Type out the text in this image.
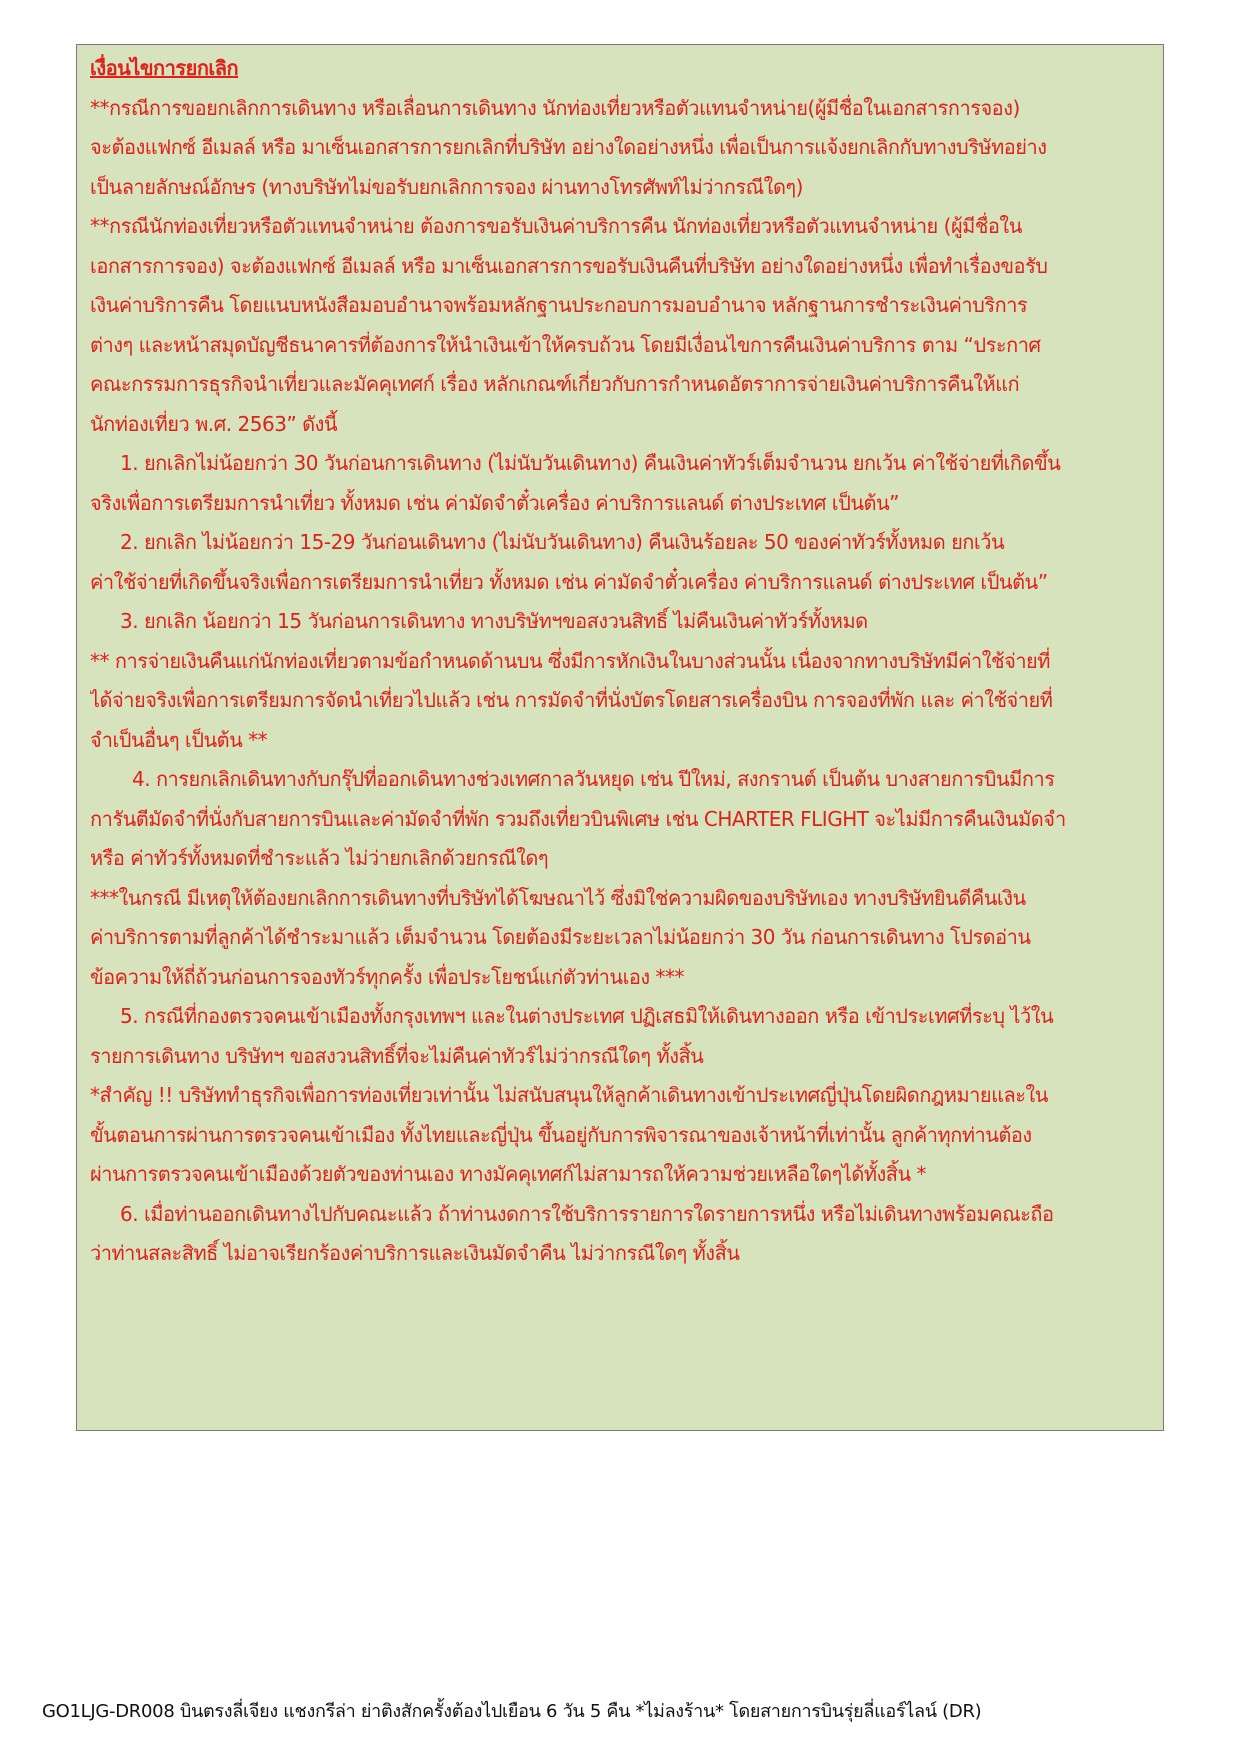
เงื่อนไขการยกเลิก
**กรณีการขอยกเลิกการเดินทาง หรือเลื่อนการเดินทาง นักท่องเที่ยวหรือตัวแทนจำหน่าย(ผู้มีชื่อในเอกสารการจอง)
จะต้องแฟกซ์ อีเมลล์ หรือ มาเซ็นเอกสารการยกเลิกที่บริษัท อย่างใดอย่างหนึ่ง เพื่อเป็นการแจ้งยกเลิกกับทางบริษัทอย่าง
เป็นลายลักษณ์อักษร (ทางบริษัทไม่ขอรับยกเลิกการจอง ผ่านทางโทรศัพท์ไม่ว่ากรณีใดๆ)
**กรณีนักท่องเที่ยวหรือตัวแทนจำหน่าย ต้องการขอรับเงินค่าบริการคืน นักท่องเที่ยวหรือตัวแทนจำหน่าย (ผู้มีชื่อใน
เอกสารการจอง) จะต้องแฟกซ์ อีเมลล์ หรือ มาเซ็นเอกสารการขอรับเงินคืนที่บริษัท อย่างใดอย่างหนึ่ง เพื่อทำเรื่องขอรับ
เงินค่าบริการคืน โดยแนบหนังสือมอบอำนาจพร้อมหลักฐานประกอบการมอบอำนาจ หลักฐานการชำระเงินค่าบริการ
ต่างๆ และหน้าสมุดบัญชีธนาคารที่ต้องการให้นำเงินเข้าให้ครบถ้วน โดยมีเงื่อนไขการคืนเงินค่าบริการ ตาม “ประกาศ
คณะกรรมการธุรกิจนำเที่ยวและมัคคุเทศก์ เรื่อง หลักเกณฑ์เกี่ยวกับการกำหนดอัตราการจ่ายเงินค่าบริการคืนให้แก่
นักท่องเที่ยว พ.ศ. 2563” ดังนี้
1. ยกเลิกไม่น้อยกว่า 30 วันก่อนการเดินทาง (ไม่นับวันเดินทาง) คืนเงินค่าทัวร์เต็มจำนวน ยกเว้น ค่าใช้จ่ายที่เกิดขึ้น
จริงเพื่อการเตรียมการนำเที่ยว ทั้งหมด เช่น ค่ามัดจำตั๋วเครื่อง ค่าบริการแลนด์ ต่างประเทศ เป็นต้น”
2. ยกเลิก ไม่น้อยกว่า 15-29 วันก่อนเดินทาง (ไม่นับวันเดินทาง) คืนเงินร้อยละ 50 ของค่าทัวร์ทั้งหมด ยกเว้น
ค่าใช้จ่ายที่เกิดขึ้นจริงเพื่อการเตรียมการนำเที่ยว ทั้งหมด เช่น ค่ามัดจำตั๋วเครื่อง ค่าบริการแลนด์ ต่างประเทศ เป็นต้น”
3. ยกเลิก น้อยกว่า 15 วันก่อนการเดินทาง ทางบริษัทฯขอสงวนสิทธิ์ ไม่คืนเงินค่าทัวร์ทั้งหมด
** การจ่ายเงินคืนแก่นักท่องเที่ยวตามข้อกำหนดด้านบน ซึ่งมีการหักเงินในบางส่วนนั้น เนื่องจากทางบริษัทมีค่าใช้จ่ายที่
ได้จ่ายจริงเพื่อการเตรียมการจัดนำเที่ยวไปแล้ว เช่น การมัดจำที่นั่งบัตรโดยสารเครื่องบิน การจองที่พัก และ ค่าใช้จ่ายที่
จำเป็นอื่นๆ เป็นต้น **
4. การยกเลิกเดินทางกับกรุ๊ปที่ออกเดินทางช่วงเทศกาลวันหยุด เช่น ปีใหม่, สงกรานต์ เป็นต้น บางสายการบินมีการ
การันตีมัดจำที่นั่งกับสายการบินและค่ามัดจำที่พัก รวมถึงเที่ยวบินพิเศษ เช่น CHARTER FLIGHT จะไม่มีการคืนเงินมัดจำ
หรือ ค่าทัวร์ทั้งหมดที่ชำระแล้ว ไม่ว่ายกเลิกด้วยกรณีใดๆ
***ในกรณี มีเหตุให้ต้องยกเลิกการเดินทางที่บริษัทได้โฆษณาไว้ ซึ่งมิใช่ความผิดของบริษัทเอง ทางบริษัทยินดีคืนเงิน
ค่าบริการตามที่ลูกค้าได้ชำระมาแล้ว เต็มจำนวน โดยต้องมีระยะเวลาไม่น้อยกว่า 30 วัน ก่อนการเดินทาง โปรดอ่าน
ข้อความให้ถี่ถ้วนก่อนการจองทัวร์ทุกครั้ง เพื่อประโยชน์แก่ตัวท่านเอง ***
5. กรณีที่กองตรวจคนเข้าเมืองทั้งกรุงเทพฯ และในต่างประเทศ ปฏิเสธมิให้เดินทางออก หรือ เข้าประเทศที่ระบุ ไว้ใน
รายการเดินทาง บริษัทฯ ขอสงวนสิทธิ์ที่จะไม่คืนค่าทัวร์ไม่ว่ากรณีใดๆ ทั้งสิ้น
*สำคัญ !! บริษัททำธุรกิจเพื่อการท่องเที่ยวเท่านั้น ไม่สนับสนุนให้ลูกค้าเดินทางเข้าประเทศญี่ปุ่นโดยผิดกฎหมายและใน
ขั้นตอนการผ่านการตรวจคนเข้าเมือง ทั้งไทยและญี่ปุ่น ขึ้นอยู่กับการพิจารณาของเจ้าหน้าที่เท่านั้น ลูกค้าทุกท่านต้อง
ผ่านการตรวจคนเข้าเมืองด้วยตัวของท่านเอง ทางมัคคุเทศก์ไม่สามารถให้ความช่วยเหลือใดๆได้ทั้งสิ้น *
6. เมื่อท่านออกเดินทางไปกับคณะแล้ว ถ้าท่านงดการใช้บริการรายการใดรายการหนึ่ง หรือไม่เดินทางพร้อมคณะถือ
ว่าท่านสละสิทธิ์ ไม่อาจเรียกร้องค่าบริการและเงินมัดจำคืน ไม่ว่ากรณีใดๆ ทั้งสิ้น
GO1LJG-DR008 บินตรงลี่เจียง แชงกรีล่า ย่าติงสักครั้งต้องไปเยือน 6 วัน 5 คืน *ไม่ลงร้าน* โดยสายการบินรุ่ยลี่แอร์ไลน์ (DR)
